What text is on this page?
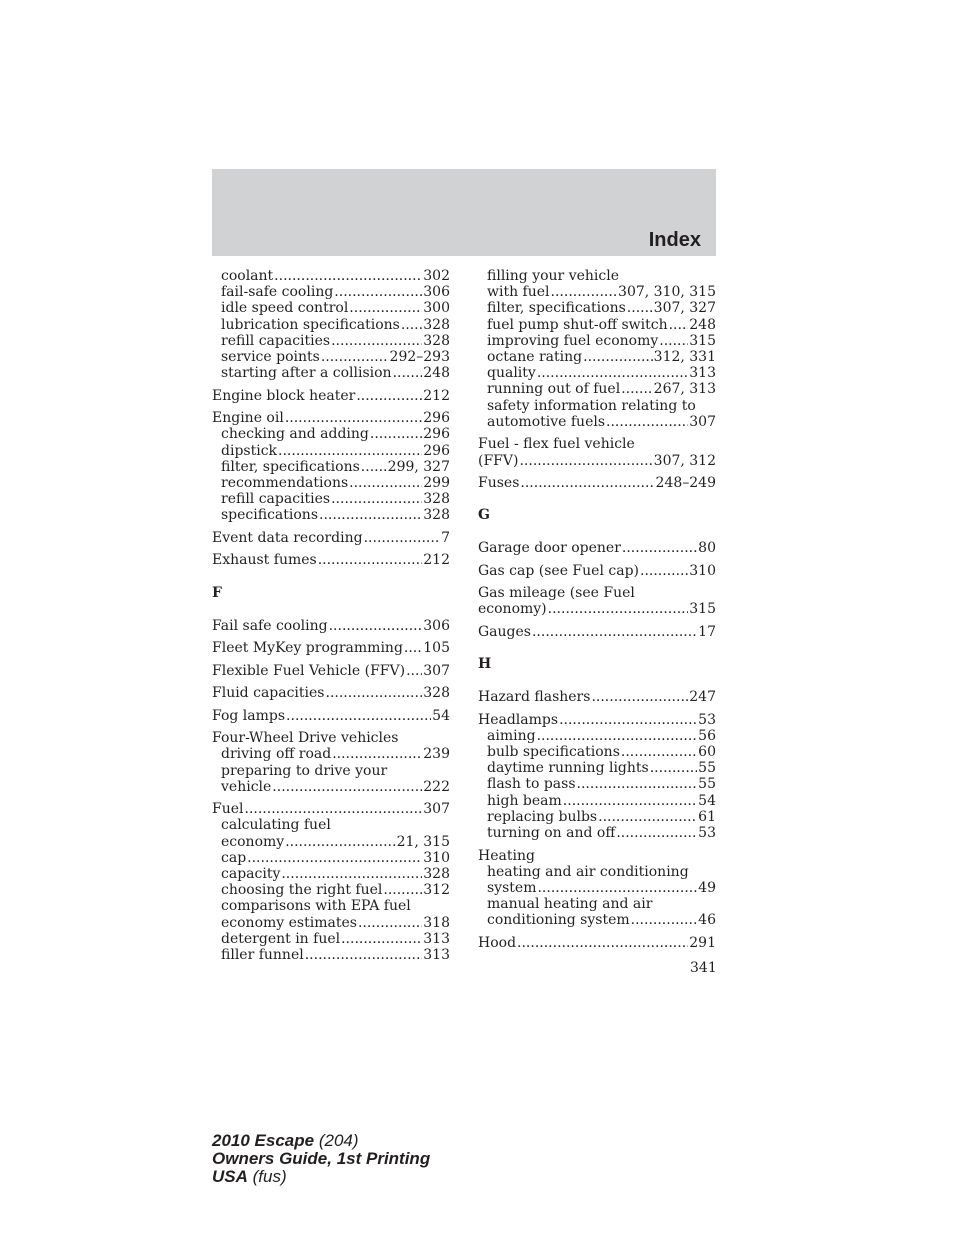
Index
coolant .....	302
fail-safe cooling .....	306
idle speed control .....	300
lubrication specifications ..... 328
refill capacities .....	328
service points .....	292–293
starting after a collision ..... 248
Engine block heater .....	212
Engine oil .....	296
checking and adding .....	296
dipstick .....	296
filter, specifications ..... 299, 327
recommendations .....	299
refill capacities .....	328
specifications .....	328
Event data recording .....	7
Exhaust fumes .....	212
F
Fail safe cooling .....	306
Fleet MyKey programming ..... 105
Flexible Fuel Vehicle (FFV) ..... 307
Fluid capacities .....	328
Fog lamps .....	54
Four-Wheel Drive vehicles
driving off road .....	239
preparing to drive your
vehicle .....	222
Fuel .....	307
calculating fuel
economy .....	21, 315
cap .....	310
capacity .....	328
choosing the right fuel .....	312
comparisons with EPA fuel
economy estimates .....	318
detergent in fuel .....	313
filler funnel .....	313
filling your vehicle
with fuel .....	307, 310, 315
filter, specifications ..... 307, 327
fuel pump shut-off switch ..... 248
improving fuel economy ..... 315
octane rating .....	312, 331
quality .....	313
running out of fuel ..... 267, 313
safety information relating to
automotive fuels .....	307
Fuel - flex fuel vehicle
(FFV) .....	307, 312
Fuses .....	248–249
G
Garage door opener .....	80
Gas cap (see Fuel cap) .....	310
Gas mileage (see Fuel
economy) .....	315
Gauges .....	17
H
Hazard flashers .....	247
Headlamps .....	53
aiming .....	56
bulb specifications .....	60
daytime running lights .....	55
flash to pass .....	55
high beam .....	54
replacing bulbs .....	61
turning on and off .....	53
Heating
heating and air conditioning
system .....	49
manual heating and air
conditioning system .....	46
Hood .....	291
341
2010 Escape (204)
Owners Guide, 1st Printing
USA (fus)
